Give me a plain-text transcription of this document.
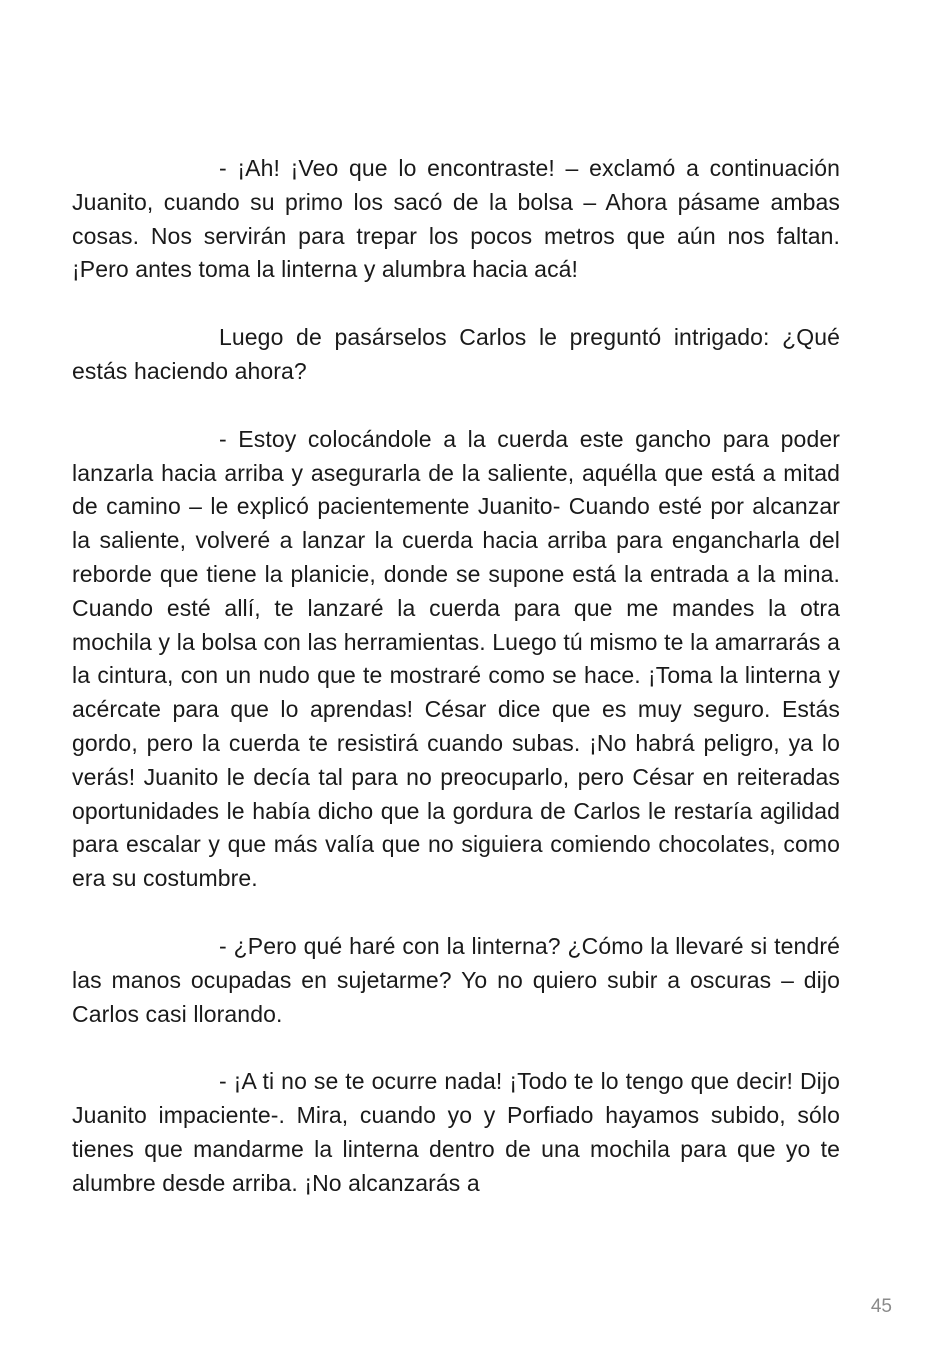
- ¡Ah! ¡Veo que lo encontraste! – exclamó a continuación Juanito, cuando su primo los sacó de la bolsa – Ahora pásame ambas cosas. Nos servirán para trepar los pocos metros que aún nos faltan. ¡Pero antes toma la linterna y alumbra hacia acá!

Luego de pasárselos Carlos le preguntó intrigado: ¿Qué estás haciendo ahora?

- Estoy colocándole a la cuerda este gancho para poder lanzarla hacia arriba y asegurarla de la saliente, aquélla que está a mitad de camino – le explicó pacientemente Juanito- Cuando esté por alcanzar la saliente, volveré a lanzar la cuerda hacia arriba para engancharla del reborde que tiene la planicie, donde se supone está la entrada a la mina. Cuando esté allí, te lanzaré la cuerda para que me mandes la otra mochila y la bolsa con las herramientas. Luego tú mismo te la amarrarás a la cintura, con un nudo que te mostraré como se hace. ¡Toma la linterna y acércate para que lo aprendas! César dice que es muy seguro. Estás gordo, pero la cuerda te resistirá cuando subas. ¡No habrá peligro, ya lo verás! Juanito le decía tal para no preocuparlo, pero César en reiteradas oportunidades le había dicho que la gordura de Carlos le restaría agilidad para escalar y que más valía que no siguiera comiendo chocolates, como era su costumbre.

- ¿Pero qué haré con la linterna? ¿Cómo la llevaré si tendré las manos ocupadas en sujetarme? Yo no quiero subir a oscuras – dijo Carlos casi llorando.

- ¡A ti no se te ocurre nada! ¡Todo te lo tengo que decir! Dijo Juanito impaciente-. Mira, cuando yo y Porfiado hayamos subido, sólo tienes que mandarme la linterna dentro de una mochila para que yo te alumbre desde arriba. ¡No alcanzarás a

45
